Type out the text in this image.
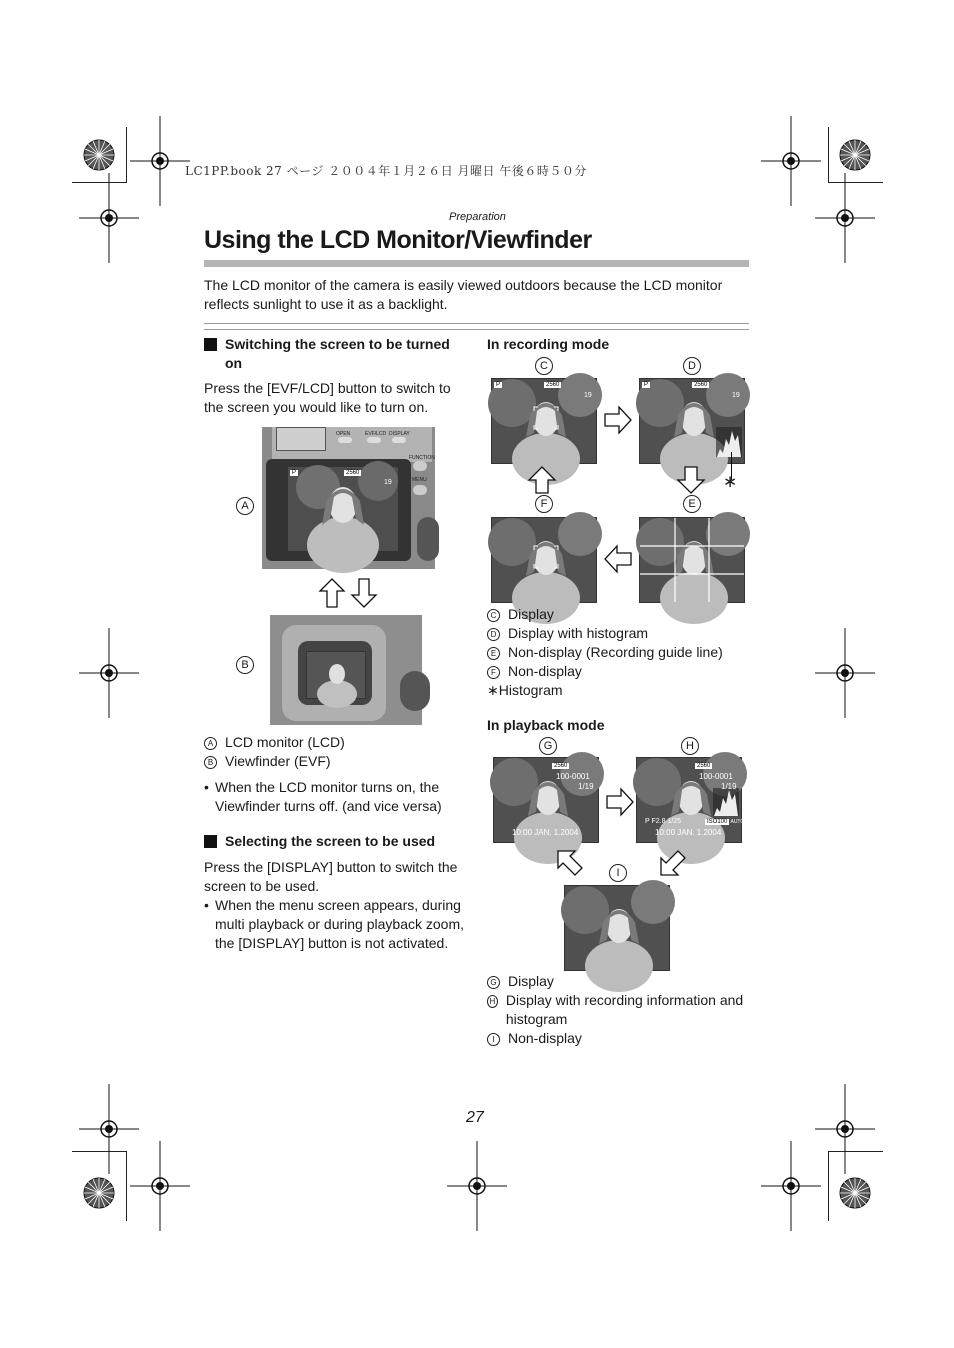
LC1PP.book 27 ページ ２００４年１月２６日 月曜日 午後６時５０分
Preparation
Using the LCD Monitor/Viewfinder
The LCD monitor of the camera is easily viewed outdoors because the LCD monitor reflects sunlight to use it as a backlight.
Switching the screen to be turned on
Press the [EVF/LCD] button to switch to the screen you would like to turn on.
A
OPEN	EVF/LCD DISPLAY
FUNCTION
MENU
P	2560
19
B
A LCD monitor (LCD)
B Viewfinder (EVF)
• When the LCD monitor turns on, the Viewfinder turns off. (and vice versa)
Selecting the screen to be used
Press the [DISPLAY] button to switch the screen to be used.
• When the menu screen appears, during multi playback or during playback zoom, the [DISPLAY] button is not activated.
In recording mode
C	D
P	2560
19
P	2560
19
∗
F	E
C Display
D Display with histogram
E Non-display (Recording guide line)
F Non-display
∗Histogram
In playback mode
G	H
2560
100-0001
1/19
10:00 JAN. 1.2004
2560
100-0001
1/19
P F2.8 1/25	ISO100 AUTO
10:00 JAN. 1.2004
I
G Display
H Display with recording information and histogram
I Non-display
27
